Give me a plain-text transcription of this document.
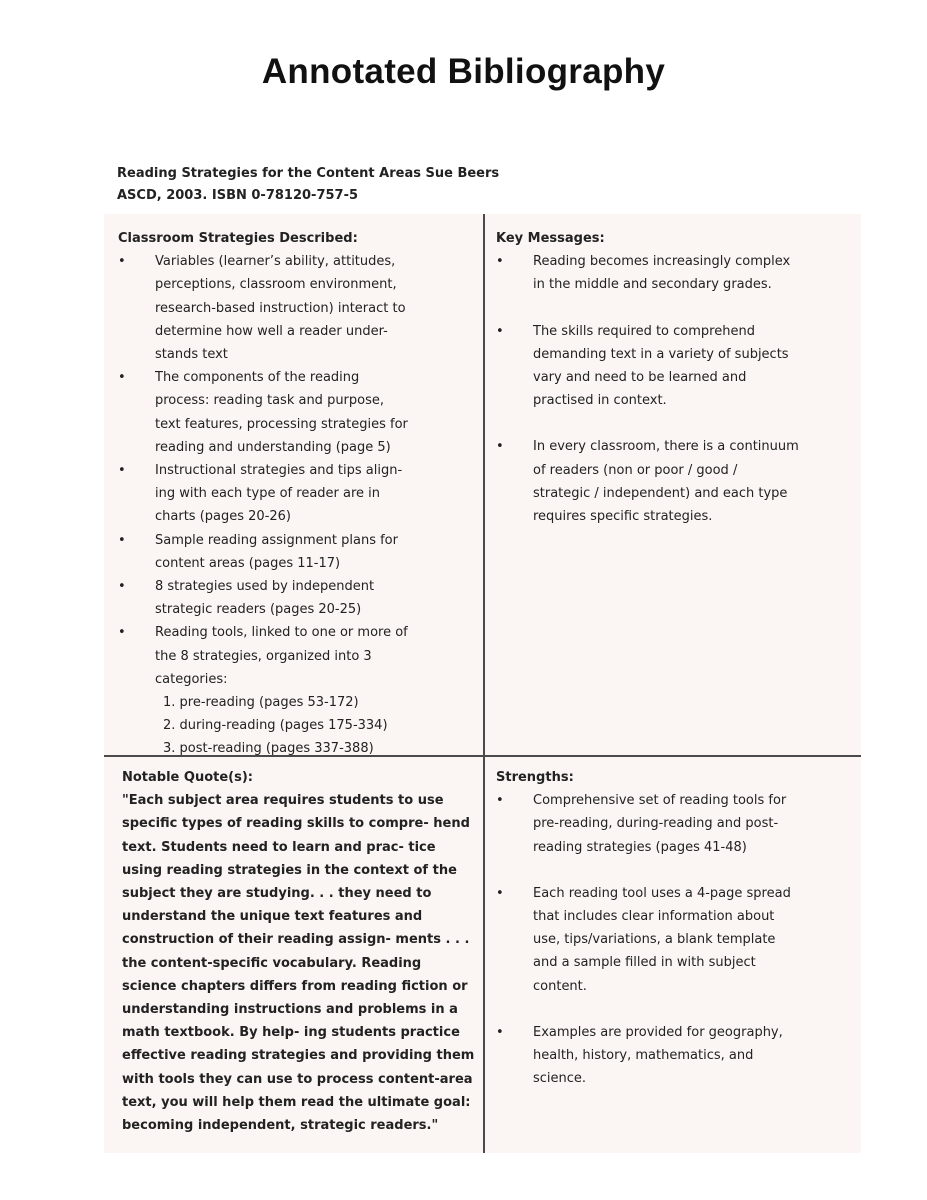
Annotated Bibliography
Reading Strategies for the Content Areas Sue Beers
ASCD, 2003. ISBN 0-78120-757-5
Classroom Strategies Described:
• Variables (learner’s ability, attitudes,
perceptions, classroom environment,
research-based instruction) interact to
determine how well a reader under-
stands text
• The components of the reading
process: reading task and purpose,
text features, processing strategies for
reading and understanding (page 5)
• Instructional strategies and tips align-
ing with each type of reader are in
charts (pages 20-26)
• Sample reading assignment plans for
content areas (pages 11-17)
• 8 strategies used by independent
strategic readers (pages 20-25)
• Reading tools, linked to one or more of
the 8 strategies, organized into 3
categories:
1. pre-reading (pages 53-172)
2. during-reading (pages 175-334)
3. post-reading (pages 337-388)
Key Messages:
• Reading becomes increasingly complex
in the middle and secondary grades.
• The skills required to comprehend
demanding text in a variety of subjects
vary and need to be learned and
practised in context.
• In every classroom, there is a continuum
of readers (non or poor / good /
strategic / independent) and each type
requires specific strategies.
Notable Quote(s):
"Each subject area requires students to use
specific types of reading skills to compre- hend
text. Students need to learn and prac- tice
using reading strategies in the context of the
subject they are studying. . . they need to
understand the unique text features and
construction of their reading assign- ments . . .
the content-specific vocabulary. Reading
science chapters differs from reading fiction or
understanding instructions and problems in a
math textbook. By help- ing students practice
effective reading strategies and providing them
with tools they can use to process content-area
text, you will help them read the ultimate goal:
becoming independent, strategic readers."
Strengths:
• Comprehensive set of reading tools for
pre-reading, during-reading and post-
reading strategies (pages 41-48)
• Each reading tool uses a 4-page spread
that includes clear information about
use, tips/variations, a blank template
and a sample filled in with subject
content.
• Examples are provided for geography,
health, history, mathematics, and
science.
